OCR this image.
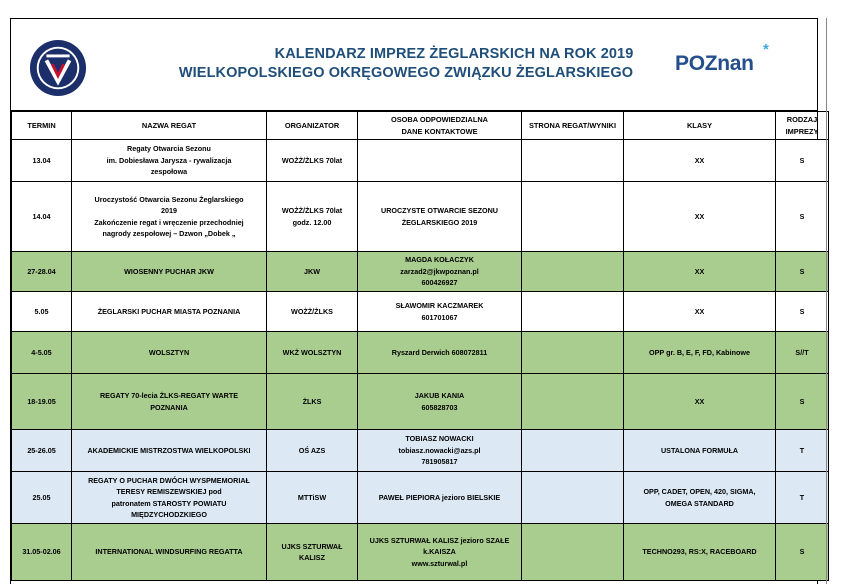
KALENDARZ IMPREZ ŻEGLARSKICH NA ROK 2019
WIELKOPOLSKIEGO OKRĘGOWEGO ZWIĄZKU ŻEGLARSKIEGO	POZnan
*
TERMIN	NAZWA REGAT	ORGANIZATOR	OSOBA ODPOWIEDZIALNA
DANE KONTAKTOWE	STRONA REGAT/WYNIKI	KLASY	RODZAJ
IMPREZY
13.04	Regaty Otwarcia Sezonu
im. Dobiesława Jarysza - rywalizacja
zespołowa	WOŻŻ/ŻLKS 70lat			XX	S
14.04	Uroczystość Otwarcia Sezonu Żeglarskiego
2019
Zakończenie regat i wręczenie przechodniej
nagrody zespołowej – Dzwon „Dobek „	WOŻŻ/ŻLKS 70lat
godz. 12.00	UROCZYSTE OTWARCIE SEZONU
ŻEGLARSKIEGO 2019		XX	S
27-28.04	WIOSENNY PUCHAR JKW	JKW	MAGDA KOŁACZYK
zarzad2@jkwpoznan.pl
600426927		XX	S
5.05	ŻEGLARSKI PUCHAR MIASTA POZNANIA	WOŻŻ/ŻLKS	SŁAWOMIR KACZMAREK
601701067		XX	S
4-5.05	WOLSZTYN	WKŻ WOLSZTYN	Ryszard Derwich 608072811		OPP gr. B, E, F, FD, Kabinowe	S//T
18-19.05	REGATY 70-lecia ŻLKS-REGATY WARTE
POZNANIA	ŻLKS	JAKUB KANIA
605828703		XX	S
25-26.05	AKADEMICKIE MISTRZOSTWA WIELKOPOLSKI	OŚ AZS	TOBIASZ NOWACKI
tobiasz.nowacki@azs.pl
781905817		USTALONA FORMUŁA	T
25.05	REGATY O PUCHAR DWÓCH WYSPMEMORIAŁ
TERESY REMISZEWSKIEJ pod
patronatem STAROSTY POWIATU
MIĘDZYCHODZKIEGO	MTTiSW	PAWEŁ PIEPIORA jezioro BIELSKIE		OPP, CADET, OPEN, 420, SIGMA,
OMEGA STANDARD	T
31.05-02.06	INTERNATIONAL WINDSURFING REGATTA	UJKS SZTURWAŁ
KALISZ	UJKS SZTURWAŁ KALISZ jezioro SZAŁE
k.KAISZA
www.szturwal.pl		TECHNO293, RS:X, RACEBOARD	S
